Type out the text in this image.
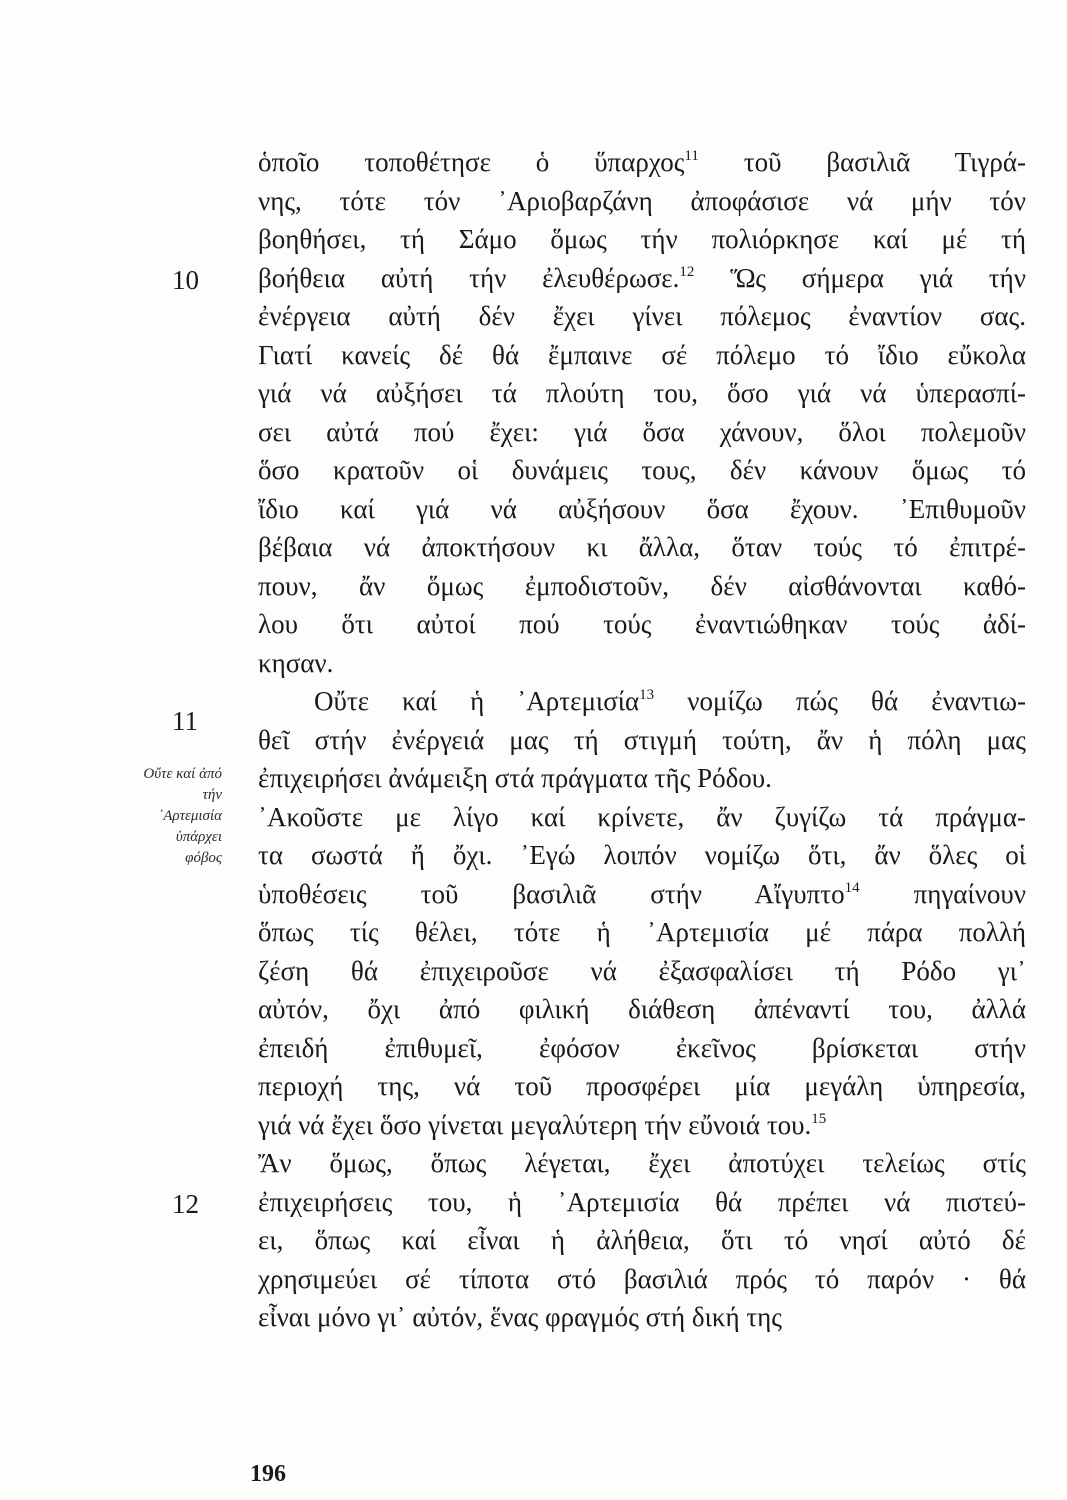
10
11
12
Οὔτε καί ἀπό
τήν
᾿Αρτεμισία
ὑπάρχει
φόβος
ὁποῖο τοποθέτησε ὁ ὕπαρχος$^{11}$ τοῦ βασιλιᾶ Τιγρά-
νης, τότε τόν ᾿Αριοβαρζάνη ἀποφάσισε νά μήν τόν
βοηθήσει, τή Σάμο ὅμως τήν πολιόρκησε καί μέ τή
βοήθεια αὐτή τήν ἐλευθέρωσε.$^{12}$ Ὥς σήμερα γιά τήν
ἐνέργεια αὐτή δέν ἔχει γίνει πόλεμος ἐναντίον σας.
Γιατί κανείς δέ θά ἔμπαινε σέ πόλεμο τό ἴδιο εὔκολα
γιά νά αὐξήσει τά πλούτη του, ὅσο γιά νά ὑπερασπί-
σει αὐτά πού ἔχει: γιά ὅσα χάνουν, ὅλοι πολεμοῦν
ὅσο κρατοῦν οἱ δυνάμεις τους, δέν κάνουν ὅμως τό
ἴδιο καί γιά νά αὐξήσουν ὅσα ἔχουν. ᾿Επιθυμοῦν
βέβαια νά ἀποκτήσουν κι ἄλλα, ὅταν τούς τό ἐπιτρέ-
πουν, ἄν ὅμως ἐμποδιστοῦν, δέν αἰσθάνονται καθό-
λου ὅτι αὐτοί πού τούς ἐναντιώθηκαν τούς ἀδί-
κησαν.
Οὔτε καί ἡ ᾿Αρτεμισία$^{13}$ νομίζω πώς θά ἐναντιω-
θεῖ στήν ἐνέργειά μας τή στιγμή τούτη, ἄν ἡ πόλη μας
ἐπιχειρήσει ἀνάμειξη στά πράγματα τῆς Ρόδου.
᾿Ακοῦστε με λίγο καί κρίνετε, ἄν ζυγίζω τά πράγμα-
τα σωστά ἤ ὄχι. ᾿Εγώ λοιπόν νομίζω ὅτι, ἄν ὅλες οἱ
ὑποθέσεις τοῦ βασιλιᾶ στήν Αἴγυπτο$^{14}$ πηγαίνουν
ὅπως τίς θέλει, τότε ἡ ᾿Αρτεμισία μέ πάρα πολλή
ζέση θά ἐπιχειροῦσε νά ἐξασφαλίσει τή Ρόδο γι᾿
αὐτόν, ὄχι ἀπό φιλική διάθεση ἀπέναντί του, ἀλλά
ἐπειδή ἐπιθυμεῖ, ἐφόσον ἐκεῖνος βρίσκεται στήν
περιοχή της, νά τοῦ προσφέρει μία μεγάλη ὑπηρεσία,
γιά νά ἔχει ὅσο γίνεται μεγαλύτερη τήν εὔνοιά του.$^{15}$
Ἄν ὅμως, ὅπως λέγεται, ἔχει ἀποτύχει τελείως στίς
ἐπιχειρήσεις του, ἡ ᾿Αρτεμισία θά πρέπει νά πιστεύ-
ει, ὅπως καί εἶναι ἡ ἀλήθεια, ὅτι τό νησί αὐτό δέ
χρησιμεύει σέ τίποτα στό βασιλιά πρός τό παρόν · θά
εἶναι μόνο γι᾿ αὐτόν, ἕνας φραγμός στή δική της
196
